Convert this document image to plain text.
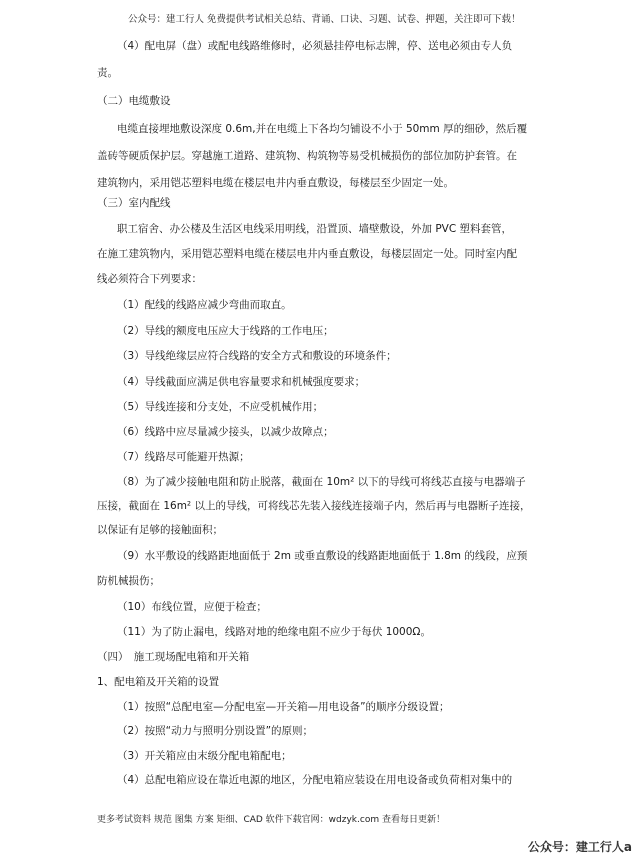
公众号：建工行人 免费提供考试相关总结、背诵、口诀、习题、试卷、押题，关注即可下载！
（4）配电屏（盘）或配电线路维修时，必须悬挂停电标志牌，停、送电必须由专人负
责。
（二）电缆敷设
电缆直接埋地敷设深度 0.6m,并在电缆上下各均匀铺设不小于 50mm 厚的细砂，然后覆
盖砖等硬质保护层。穿越施工道路、建筑物、构筑物等易受机械损伤的部位加防护套管。在
建筑物内，采用铠芯塑料电缆在楼层电井内垂直敷设，每楼层至少固定一处。
（三）室内配线
职工宿舍、办公楼及生活区电线采用明线，沿置顶、墙壁敷设，外加 PVC 塑料套管，
在施工建筑物内，采用铠芯塑料电缆在楼层电井内垂直敷设，每楼层固定一处。同时室内配
线必须符合下列要求：
（1）配线的线路应减少弯曲而取直。
（2）导线的额度电压应大于线路的工作电压；
（3）导线绝缘层应符合线路的安全方式和敷设的环境条件；
（4）导线截面应满足供电容量要求和机械强度要求；
（5）导线连接和分支处，不应受机械作用；
（6）线路中应尽量减少接头，以减少故障点；
（7）线路尽可能避开热源；
（8）为了减少接触电阻和防止脱落，截面在 10m² 以下的导线可将线芯直接与电器端子
压接，截面在 16m² 以上的导线，可将线芯先装入接线连接端子内，然后再与电器断子连接，
以保证有足够的接触面积；
（9）水平敷设的线路距地面低于 2m 或垂直敷设的线路距地面低于 1.8m 的线段，应预
防机械损伤；
（10）布线位置，应便于检查；
（11）为了防止漏电，线路对地的绝缘电阻不应少于每伏 1000Ω。
（四）　施工现场配电箱和开关箱
1、配电箱及开关箱的设置
（1）按照“总配电室—分配电室—开关箱—用电设备”的顺序分级设置；
（2）按照“动力与照明分别设置”的原则；
（3）开关箱应由末级分配电箱配电；
（4）总配电箱应设在靠近电源的地区，分配电箱应装设在用电设备或负荷相对集中的
更多考试资料 规范 图集 方案 矩细、CAD 软件下载官网：wdzyk.com 查看每日更新！
公众号：建工行人a
